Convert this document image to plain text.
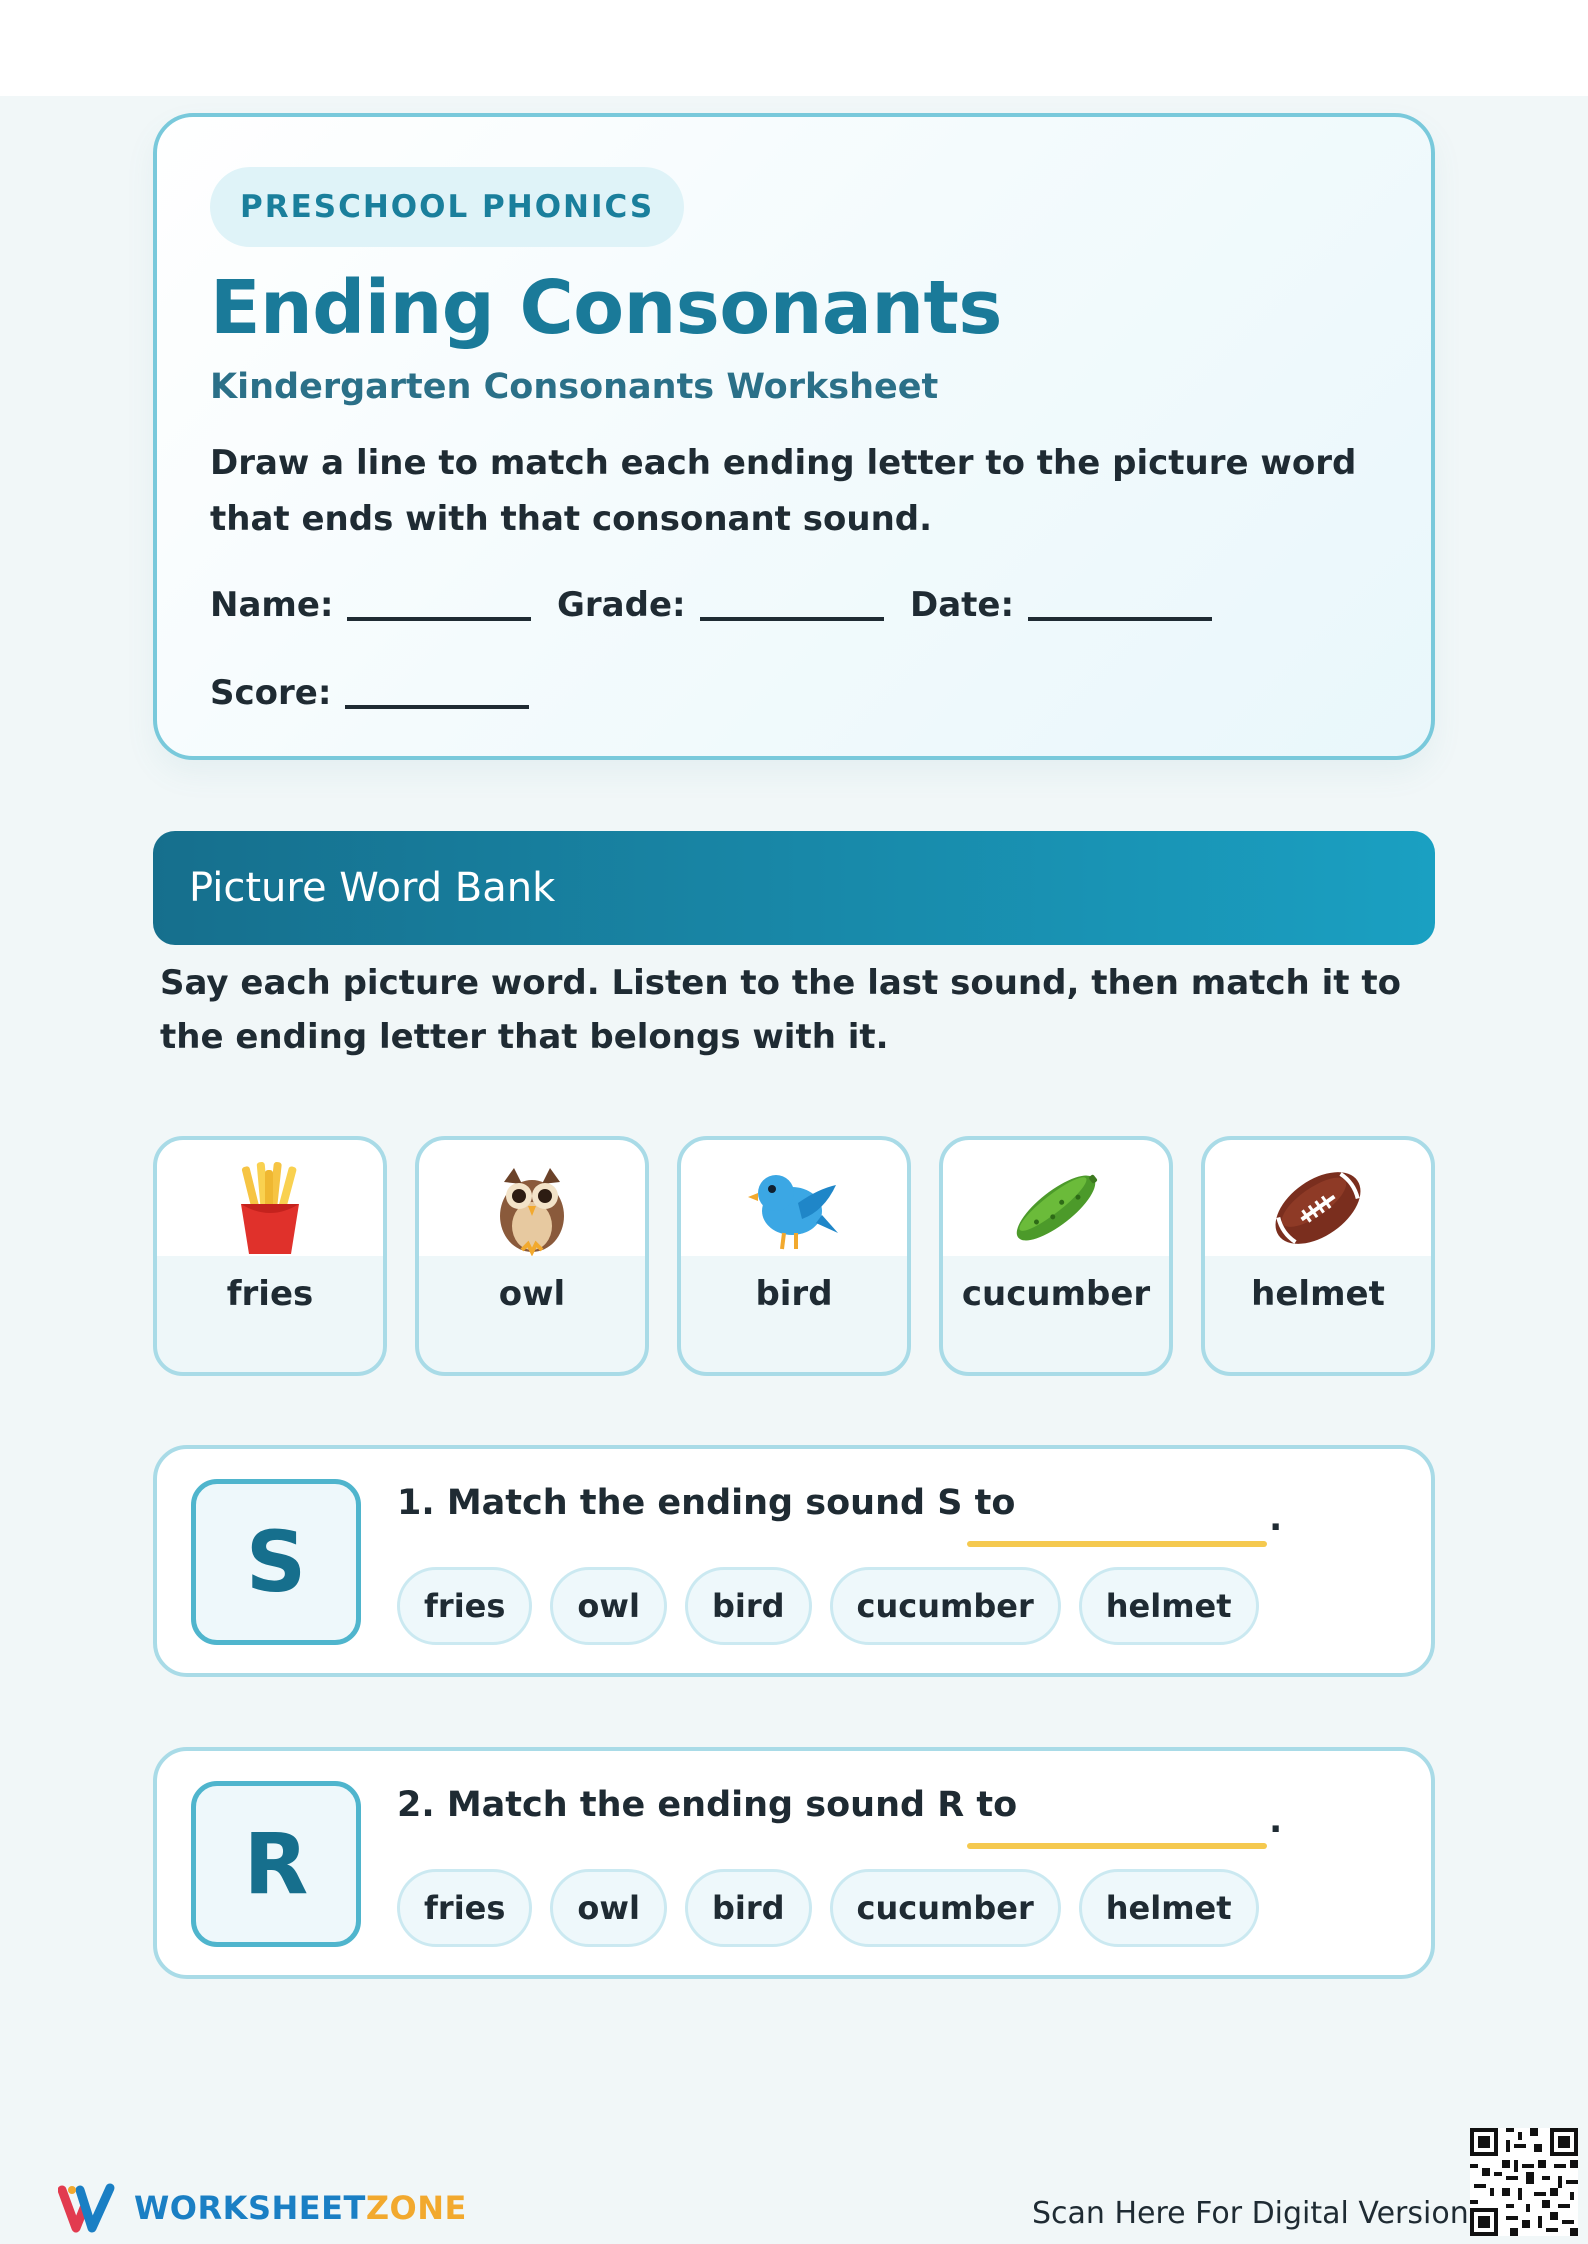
PRESCHOOL PHONICS
Ending Consonants
Kindergarten Consonants Worksheet
Draw a line to match each ending letter to the picture word that ends with that consonant sound.
Name:	Grade:	Date:
Score:
Picture Word Bank
Say each picture word. Listen to the last sound, then match it to the ending letter that belongs with it.
fries	owl	bird	cucumber	helmet
S
1. Match the ending sound S to	.
fries	owl	bird	cucumber	helmet
R
2. Match the ending sound R to	.
fries	owl	bird	cucumber	helmet
WORKSHEETZONE	Scan Here For Digital Version
